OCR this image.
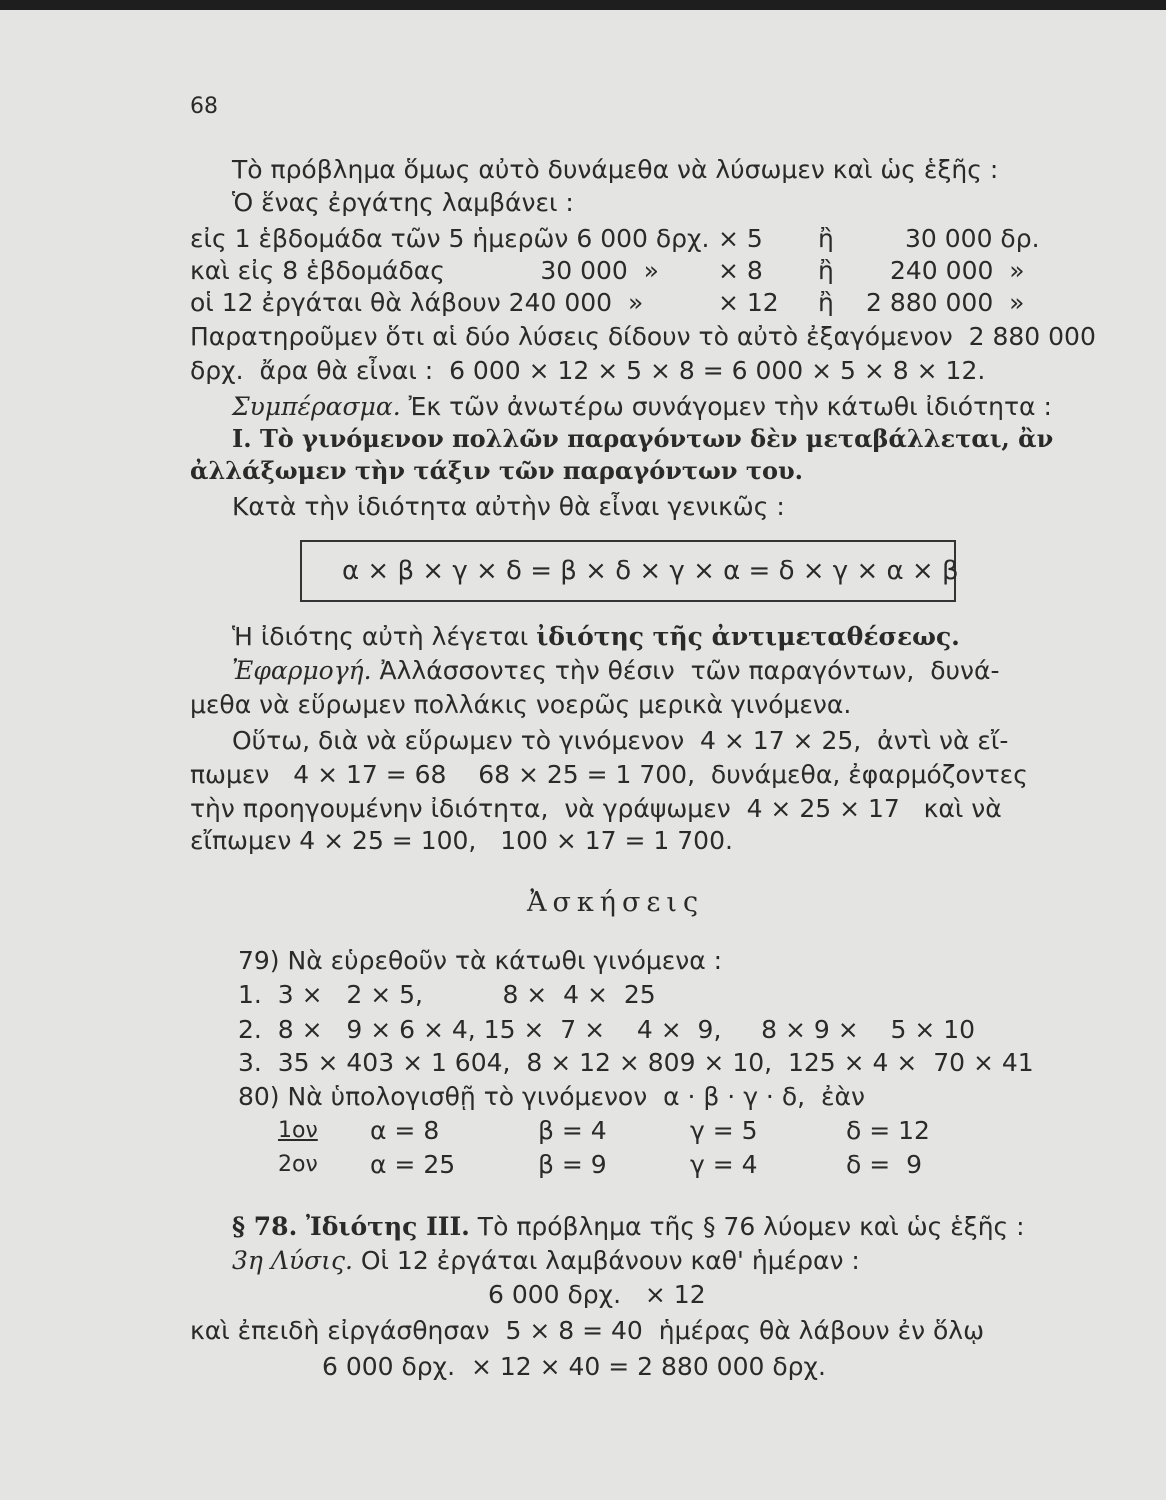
68
Τὸ πρόβλημα ὅμως αὐτὸ δυνάμεθα νὰ λύσωμεν καὶ ὡς ἑξῆς :
Ὁ ἕνας ἐργάτης λαμβάνει :
εἰς 1 ἑβδομάδα τῶν 5 ἡμερῶν 6 000 δρχ. × 5 ἢ	30 000 δρ.
καὶ εἰς 8 ἑβδομάδας            30 000  » × 8 ἢ 240 000  »
οἱ 12 ἐργάται θὰ λάβουν 240 000  »	× 12 ἢ 2 880 000  »
Παρατηροῦμεν ὅτι αἱ δύο λύσεις δίδουν τὸ αὐτὸ ἐξαγόμενον  2 880 000
δρχ.  ἄρα θὰ εἶναι :  6 000 × 12 × 5 × 8 = 6 000 × 5 × 8 × 12.
Συμπέρασμα. Ἐκ τῶν ἀνωτέρω συνάγομεν τὴν κάτωθι ἰδιότητα :
I. Τὸ γινόμενον πολλῶν παραγόντων δὲν μεταβάλλεται, ἂν
ἀλλάξωμεν τὴν τάξιν τῶν παραγόντων του.
Κατὰ τὴν ἰδιότητα αὐτὴν θὰ εἶναι γενικῶς :
α × β × γ × δ = β × δ × γ × α = δ × γ × α × β
Ἡ ἰδιότης αὐτὴ λέγεται ἰδιότης τῆς ἀντιμεταθέσεως.
Ἐφαρμογή. Ἀλλάσσοντες τὴν θέσιν  τῶν παραγόντων,  δυνά-
μεθα νὰ εὕρωμεν πολλάκις νοερῶς μερικὰ γινόμενα.
Οὕτω, διὰ νὰ εὕρωμεν τὸ γινόμενον  4 × 17 × 25,  ἀντὶ νὰ εἴ-
πωμεν   4 × 17 = 68    68 × 25 = 1 700,  δυνάμεθα, ἐφαρμόζοντες
τὴν προηγουμένην ἰδιότητα,  νὰ γράψωμεν  4 × 25 × 17   καὶ νὰ
εἴπωμεν 4 × 25 = 100,   100 × 17 = 1 700.
Ἀσκήσεις
79) Νὰ εὑρεθοῦν τὰ κάτωθι γινόμενα :
1.  3 ×   2 × 5,          8 ×  4 ×  25
2.  8 ×   9 × 6 × 4, 15 ×  7 ×    4 ×  9,     8 × 9 ×    5 × 10
3.  35 × 403 × 1 604,  8 × 12 × 809 × 10,  125 × 4 ×  70 × 41
80) Νὰ ὑπολογισθῇ τὸ γινόμενον  α · β · γ · δ,  ἐὰν
1ον α = 8	β = 4	γ = 5	δ = 12
2ον α = 25	β = 9	γ = 4	δ =  9
§ 78. Ἰδιότης III. Τὸ πρόβλημα τῆς § 76 λύομεν καὶ ὡς ἑξῆς :
3η Λύσις. Οἱ 12 ἐργάται λαμβάνουν καθ' ἡμέραν :
6 000 δρχ.   × 12
καὶ ἐπειδὴ εἰργάσθησαν  5 × 8 = 40  ἡμέρας θὰ λάβουν ἐν ὅλῳ
6 000 δρχ.  × 12 × 40 = 2 880 000 δρχ.
